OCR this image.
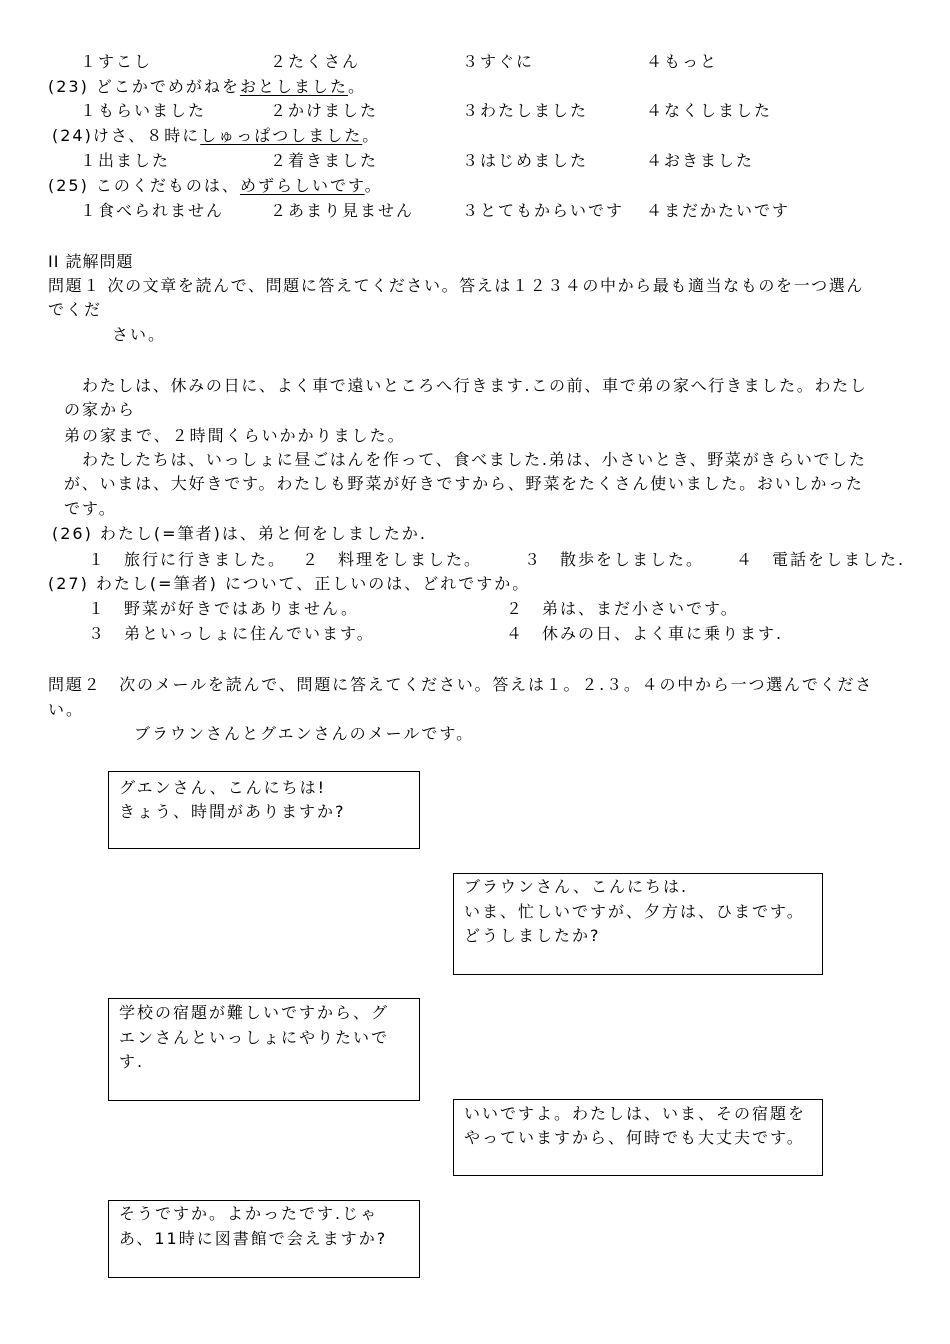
１すこし	２たくさん	３すぐに	４もっと
(23) どこかでめがねをおとしました。
１もらいました	２かけました	３わたしました	４なくしました
(24)けさ、８時にしゅっぱつしました。
１出ました	２着きました	３はじめました	４おきました
(25) このくだものは、めずらしいです。
１食べられません	２あまり見ません	３とてもからいです ４まだかたいです
II 読解問題
問題１ 次の文章を読んで、問題に答えてください。答えは１２３４の中から最も適当なものを一つ選ん
でくだ
さい。
わたしは、休みの日に、よく車で遠いところへ行きます.この前、車で弟の家へ行きました。わたし
の家から
弟の家まで、２時間くらいかかりました。
わたしたちは、いっしょに昼ごはんを作って、食べました.弟は、小さいとき、野菜がきらいでした
が、いまは、大好きです。わたしも野菜が好きですから、野菜をたくさん使いました。おいしかった
です。
(26) わたし(=筆者)は、弟と何をしましたか.
１　旅行に行きました。 ２　料理をしました。	３　散歩をしました。 ４　電話をしました.
(27) わたし(=筆者) について、正しいのは、どれですか。
１　野菜が好きではありません。	２　弟は、まだ小さいです。
３　弟といっしょに住んでいます。	４　休みの日、よく車に乗ります.
問題２　次のメールを読んで、問題に答えてください。答えは１。２.３。４の中から一つ選んでくださ
い。
ブラウンさんとグエンさんのメールです。
グエンさん、こんにちは!
きょう、時間がありますか?
ブラウンさん、こんにちは.
いま、忙しいですが、夕方は、ひまです。
どうしましたか?
学校の宿題が難しいですから、グ
エンさんといっしょにやりたいで
す.
いいですよ。わたしは、いま、その宿題を
やっていますから、何時でも大丈夫です。
そうですか。よかったです.じゃ
あ、11時に図書館で会えますか?
